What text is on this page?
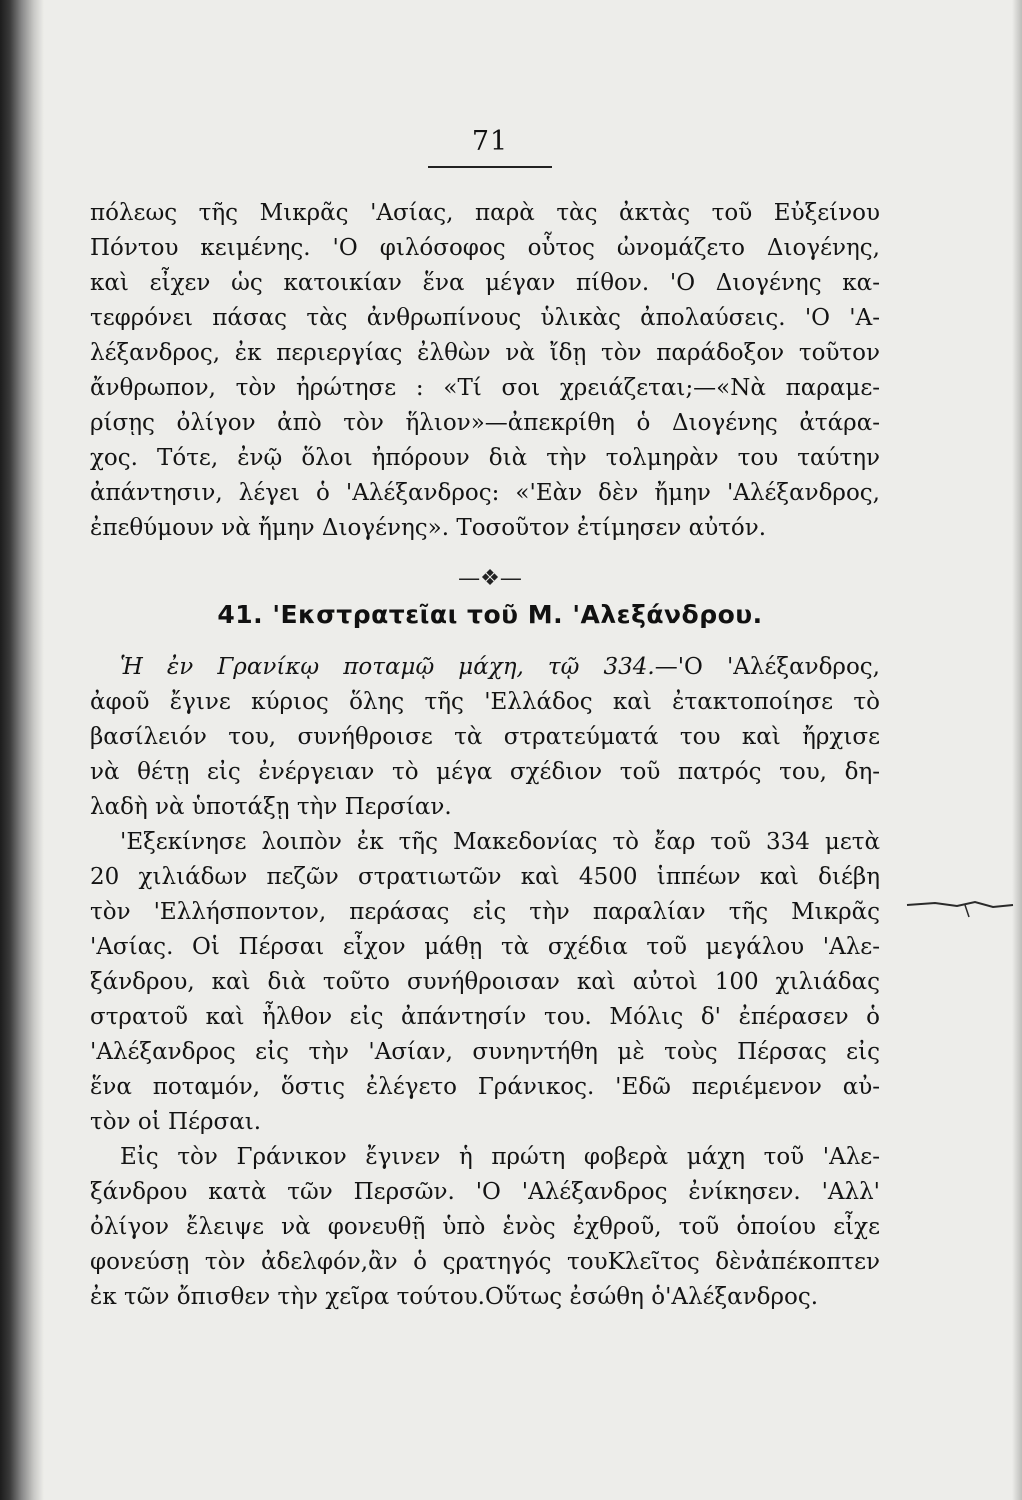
71
πόλεως τῆς Μικρᾶς 'Ασίας, παρὰ τὰς ἀκτὰς τοῦ Εὐξείνου
Πόντου κειμένης. 'Ο φιλόσοφος οὗτος ὠνομάζετο Διογένης,
καὶ εἶχεν ὡς κατοικίαν ἕνα μέγαν πίθον. 'Ο Διογένης κα-
τεφρόνει πάσας τὰς ἀνθρωπίνους ὑλικὰς ἀπολαύσεις. 'Ο 'Α-
λέξανδρος, ἐκ περιεργίας ἐλθὼν νὰ ἴδῃ τὸν παράδοξον τοῦτον
ἄνθρωπον, τὸν ἠρώτησε : «Τί σοι χρειάζεται;—«Νὰ παραμε-
ρίσῃς ὀλίγον ἀπὸ τὸν ἥλιον»—ἀπεκρίθη ὁ Διογένης ἀτάρα-
χος. Τότε, ἐνῷ ὅλοι ἠπόρουν διὰ τὴν τολμηρὰν του ταύτην
ἀπάντησιν, λέγει ὁ 'Αλέξανδρος: «'Εὰν δὲν ἤμην 'Αλέξανδρος,
ἐπεθύμουν νὰ ἤμην Διογένης». Τοσοῦτον ἐτίμησεν αὐτόν.
—❖—
41. 'Εκστρατεῖαι τοῦ Μ. 'Αλεξάνδρου.
Ἡ ἐν Γρανίκῳ ποταμῷ μάχη, τῷ 334.—'Ο 'Αλέξανδρος,
ἀφοῦ ἔγινε κύριος ὅλης τῆς 'Ελλάδος καὶ ἐτακτοποίησε τὸ
βασίλειόν του, συνήθροισε τὰ στρατεύματά του καὶ ἤρχισε
νὰ θέτῃ εἰς ἐνέργειαν τὸ μέγα σχέδιον τοῦ πατρός του, δη-
λαδὴ νὰ ὑποτάξῃ τὴν Περσίαν.
'Εξεκίνησε λοιπὸν ἐκ τῆς Μακεδονίας τὸ ἔαρ τοῦ 334 μετὰ
20 χιλιάδων πεζῶν στρατιωτῶν καὶ 4500 ἱππέων καὶ διέβη
τὸν 'Ελλήσποντον, περάσας εἰς τὴν παραλίαν τῆς Μικρᾶς
'Ασίας. Οἱ Πέρσαι εἶχον μάθῃ τὰ σχέδια τοῦ μεγάλου 'Αλε-
ξάνδρου, καὶ διὰ τοῦτο συνήθροισαν καὶ αὐτοὶ 100 χιλιάδας
στρατοῦ καὶ ἦλθον εἰς ἀπάντησίν του. Μόλις δ' ἐπέρασεν ὁ
'Αλέξανδρος εἰς τὴν 'Ασίαν, συνηντήθη μὲ τοὺς Πέρσας εἰς
ἕνα ποταμόν, ὅστις ἐλέγετο Γράνικος. 'Εδῶ περιέμενον αὐ-
τὸν οἱ Πέρσαι.
Εἰς τὸν Γράνικον ἔγινεν ἡ πρώτη φοβερὰ μάχη τοῦ 'Αλε-
ξάνδρου κατὰ τῶν Περσῶν. 'Ο 'Αλέξανδρος ἐνίκησεν. 'Αλλ'
ὀλίγον ἔλειψε νὰ φονευθῇ ὑπὸ ἑνὸς ἐχθροῦ, τοῦ ὁποίου εἶχε
φονεύσῃ τὸν ἀδελφόν,ἂν ὁ ςρατηγός τουΚλεῖτος δὲνἀπέκοπτεν
ἐκ τῶν ὄπισθεν τὴν χεῖρα τούτου.Οὕτως ἐσώθη ὁ'Αλέξανδρος.
